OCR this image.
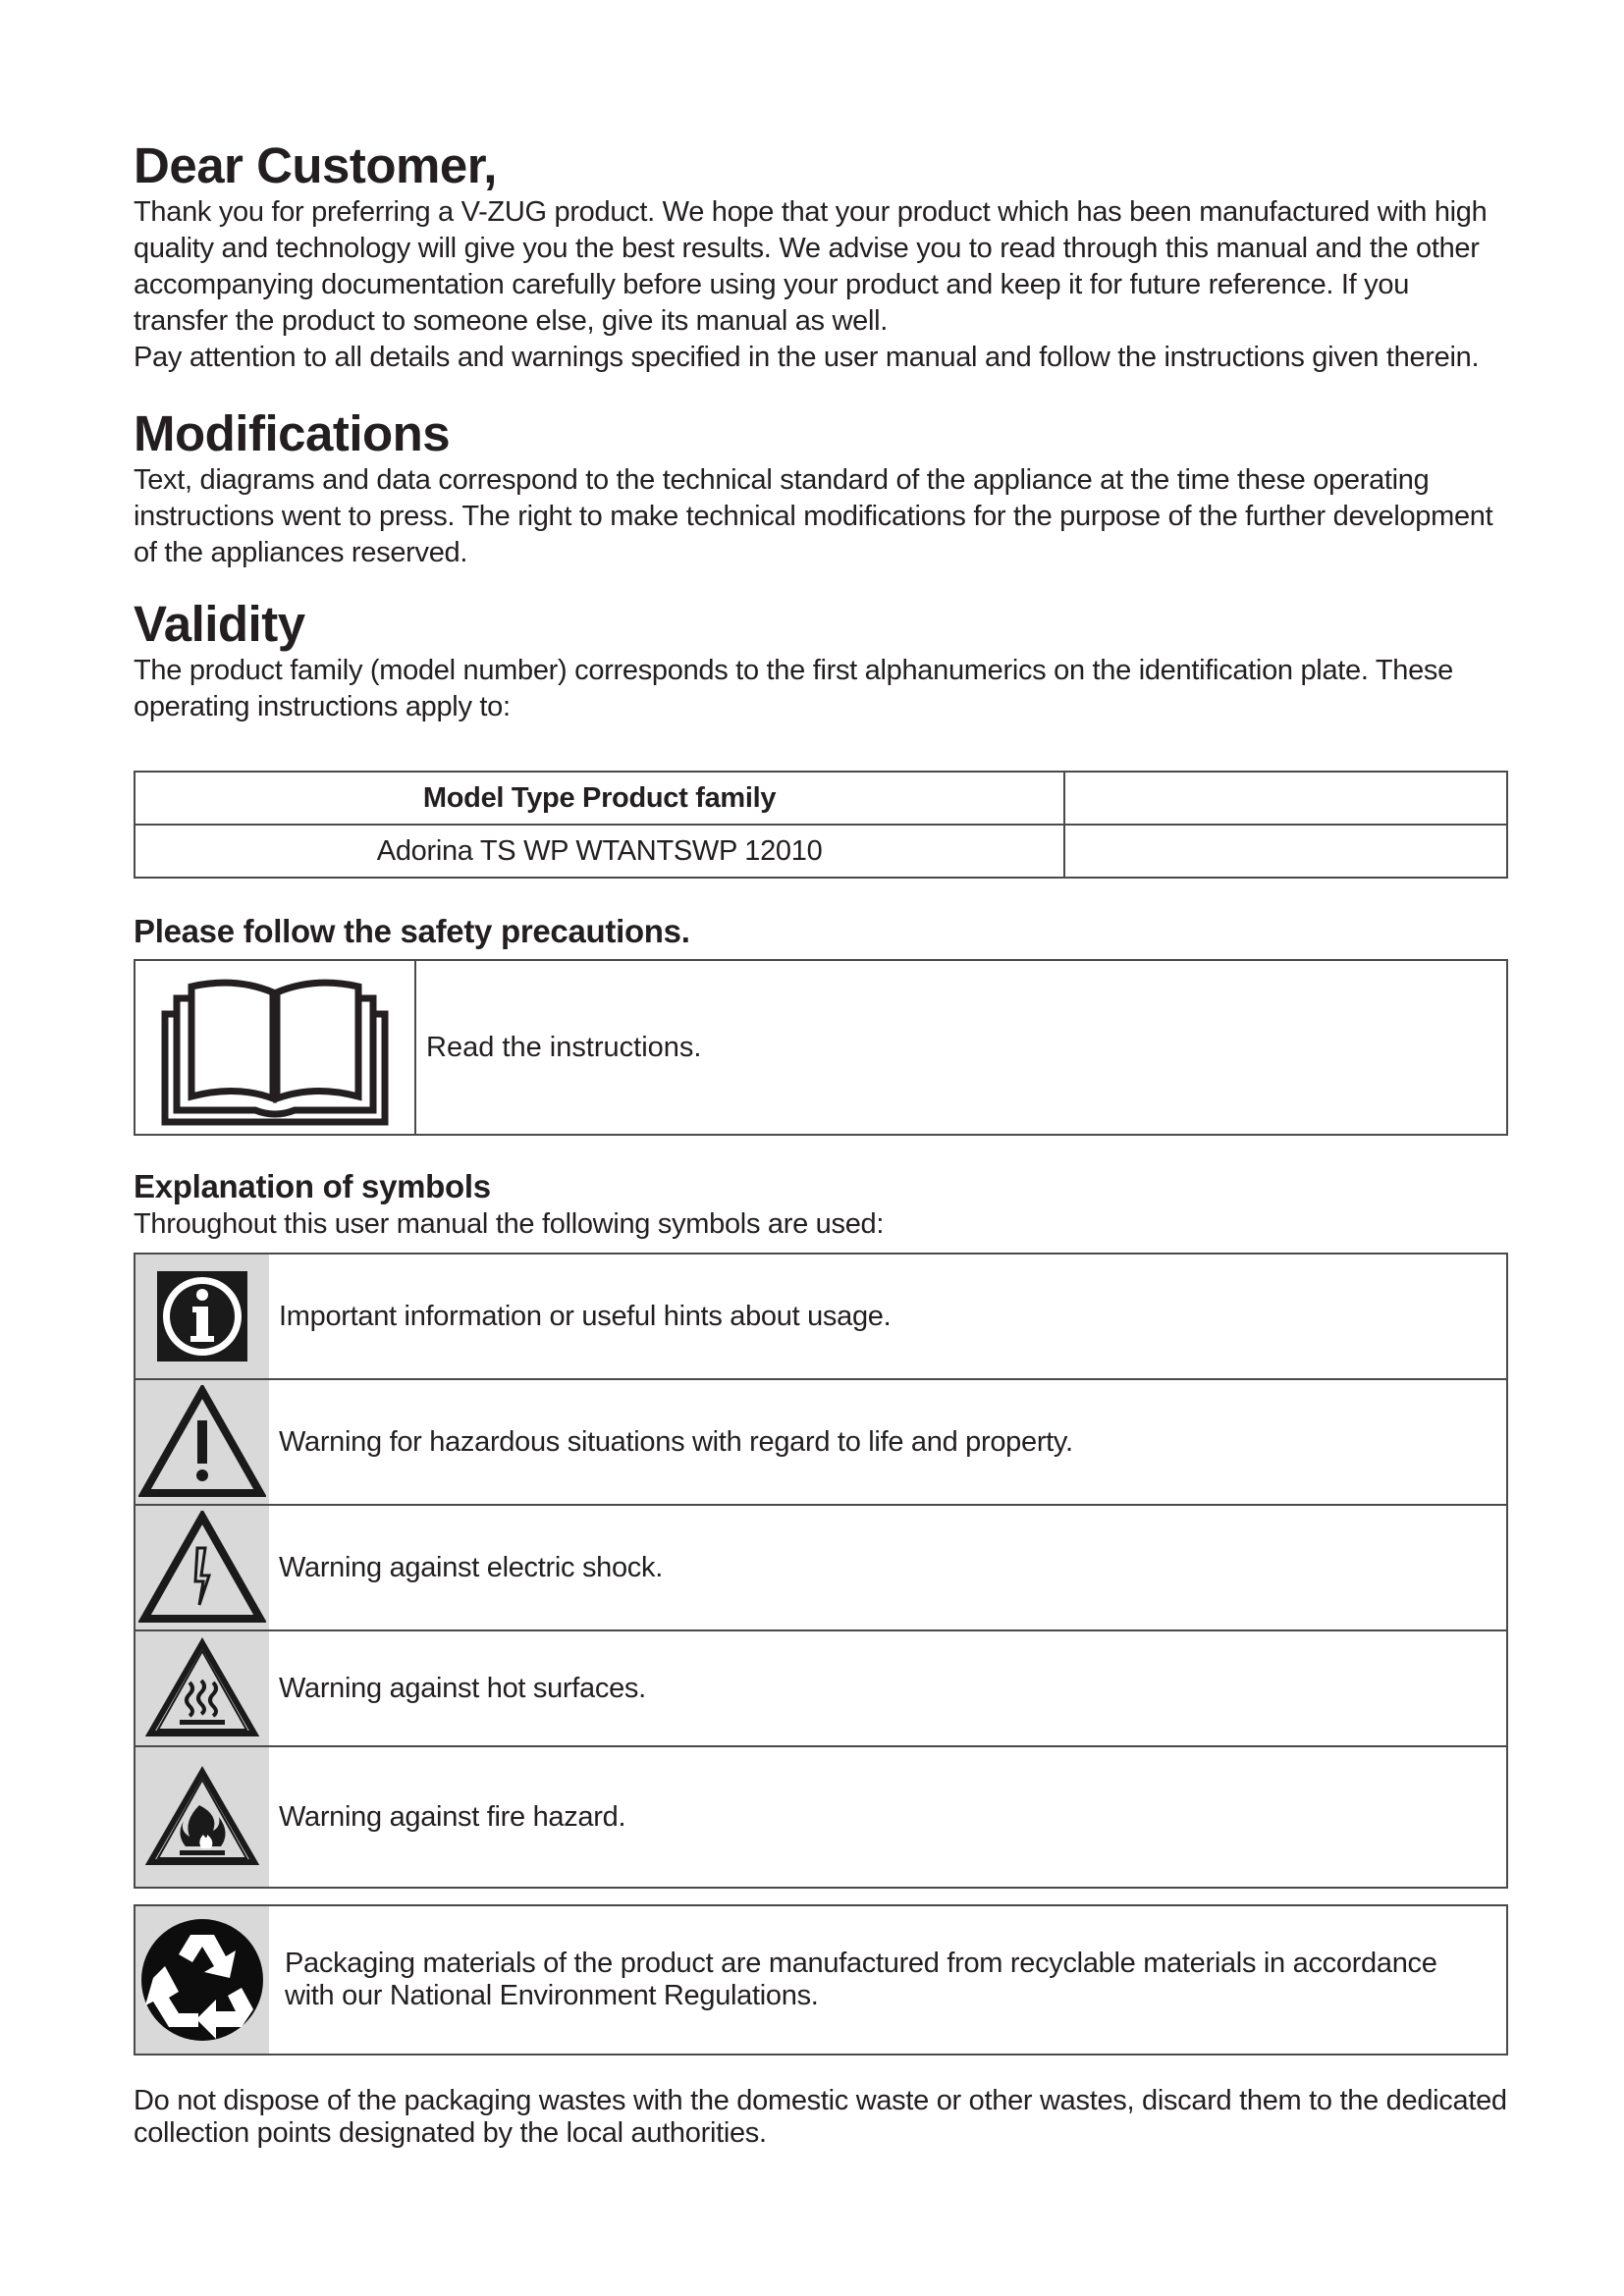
Dear Customer,

Thank you for preferring a V-ZUG product. We hope that your product which has been manufactured with high quality and technology will give you the best results. We advise you to read through this manual and the other accompanying documentation carefully before using your product and keep it for future reference. If you transfer the product to someone else, give its manual as well.

Pay attention to all details and warnings specified in the user manual and follow the instructions given therein.

Modifications

Text, diagrams and data correspond to the technical standard of the appliance at the time these operating instructions went to press. The right to make technical modifications for the purpose of the further development of the appliances reserved.

Validity

The product family (model number) corresponds to the first alphanumerics on the identification plate. These operating instructions apply to:

Model Type Product family	
Adorina TS WP WTANTSWP 12010	
Please follow the safety precautions.
Read the instructions.
Explanation of symbols

Throughout this user manual the following symbols are used:

Important information or useful hints about usage.
Warning for hazardous situations with regard to life and property.
Warning against electric shock.
Warning against hot surfaces.
Warning against fire hazard.
Packaging materials of the product are manufactured from recyclable materials in accordance with our National Environment Regulations.

Do not dispose of the packaging wastes with the domestic waste or other wastes, discard them to the dedicated collection points designated by the local authorities.
